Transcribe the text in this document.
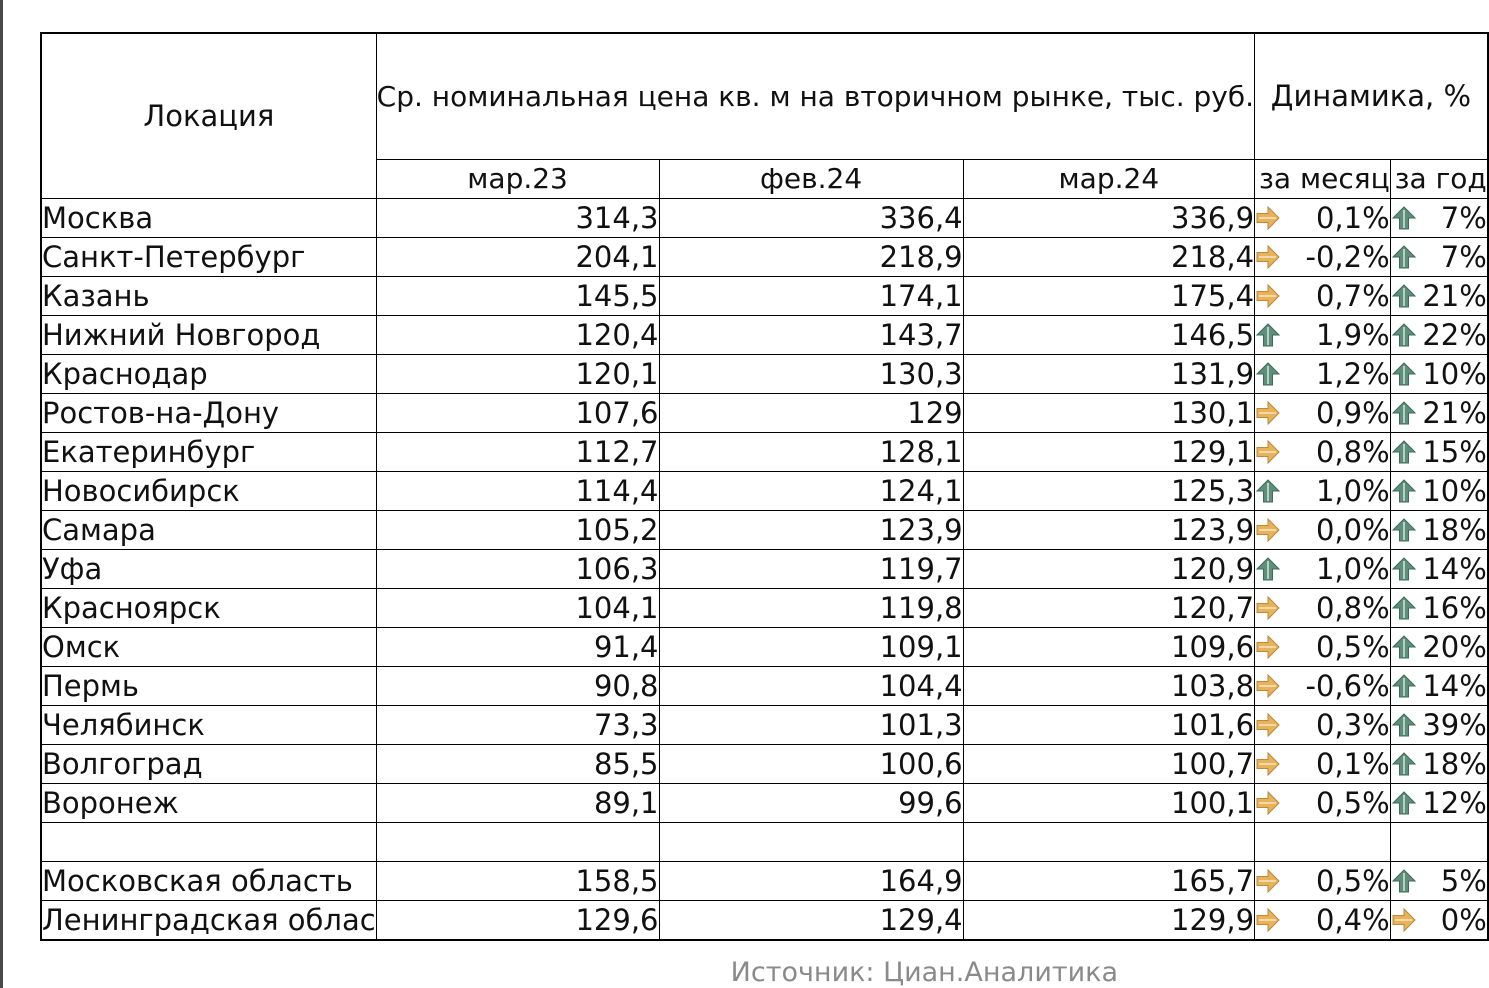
Локация	Ср. номинальная цена кв. м на вторичном рынке, тыс. руб.			Динамика, %	
	мар.23	фев.24	мар.24	за месяц	за год
Москва	314,3	336,4	336,9	0,1%	7%

Санкт-Петербург	204,1	218,9	218,4	-0,2%	7%

Казань	145,5	174,1	175,4	0,7%	21%

Нижний Новгород	120,4	143,7	146,5	1,9%	22%

Краснодар	120,1	130,3	131,9	1,2%	10%

Ростов-на-Дону	107,6	129	130,1	0,9%	21%

Екатеринбург	112,7	128,1	129,1	0,8%	15%

Новосибирск	114,4	124,1	125,3	1,0%	10%

Самара	105,2	123,9	123,9	0,0%	18%

Уфа	106,3	119,7	120,9	1,0%	14%

Красноярск	104,1	119,8	120,7	0,8%	16%

Омск	91,4	109,1	109,6	0,5%	20%

Пермь	90,8	104,4	103,8	-0,6%	14%

Челябинск	73,3	101,3	101,6	0,3%	39%

Волгоград	85,5	100,6	100,7	0,1%	18%

Воронеж	89,1	99,6	100,1	0,5%	12%

Московская область	158,5	164,9	165,7	0,5%	5%

Ленинградская облас	129,6	129,4	129,9	0,4%	0%
Источник: Циан.Аналитика
